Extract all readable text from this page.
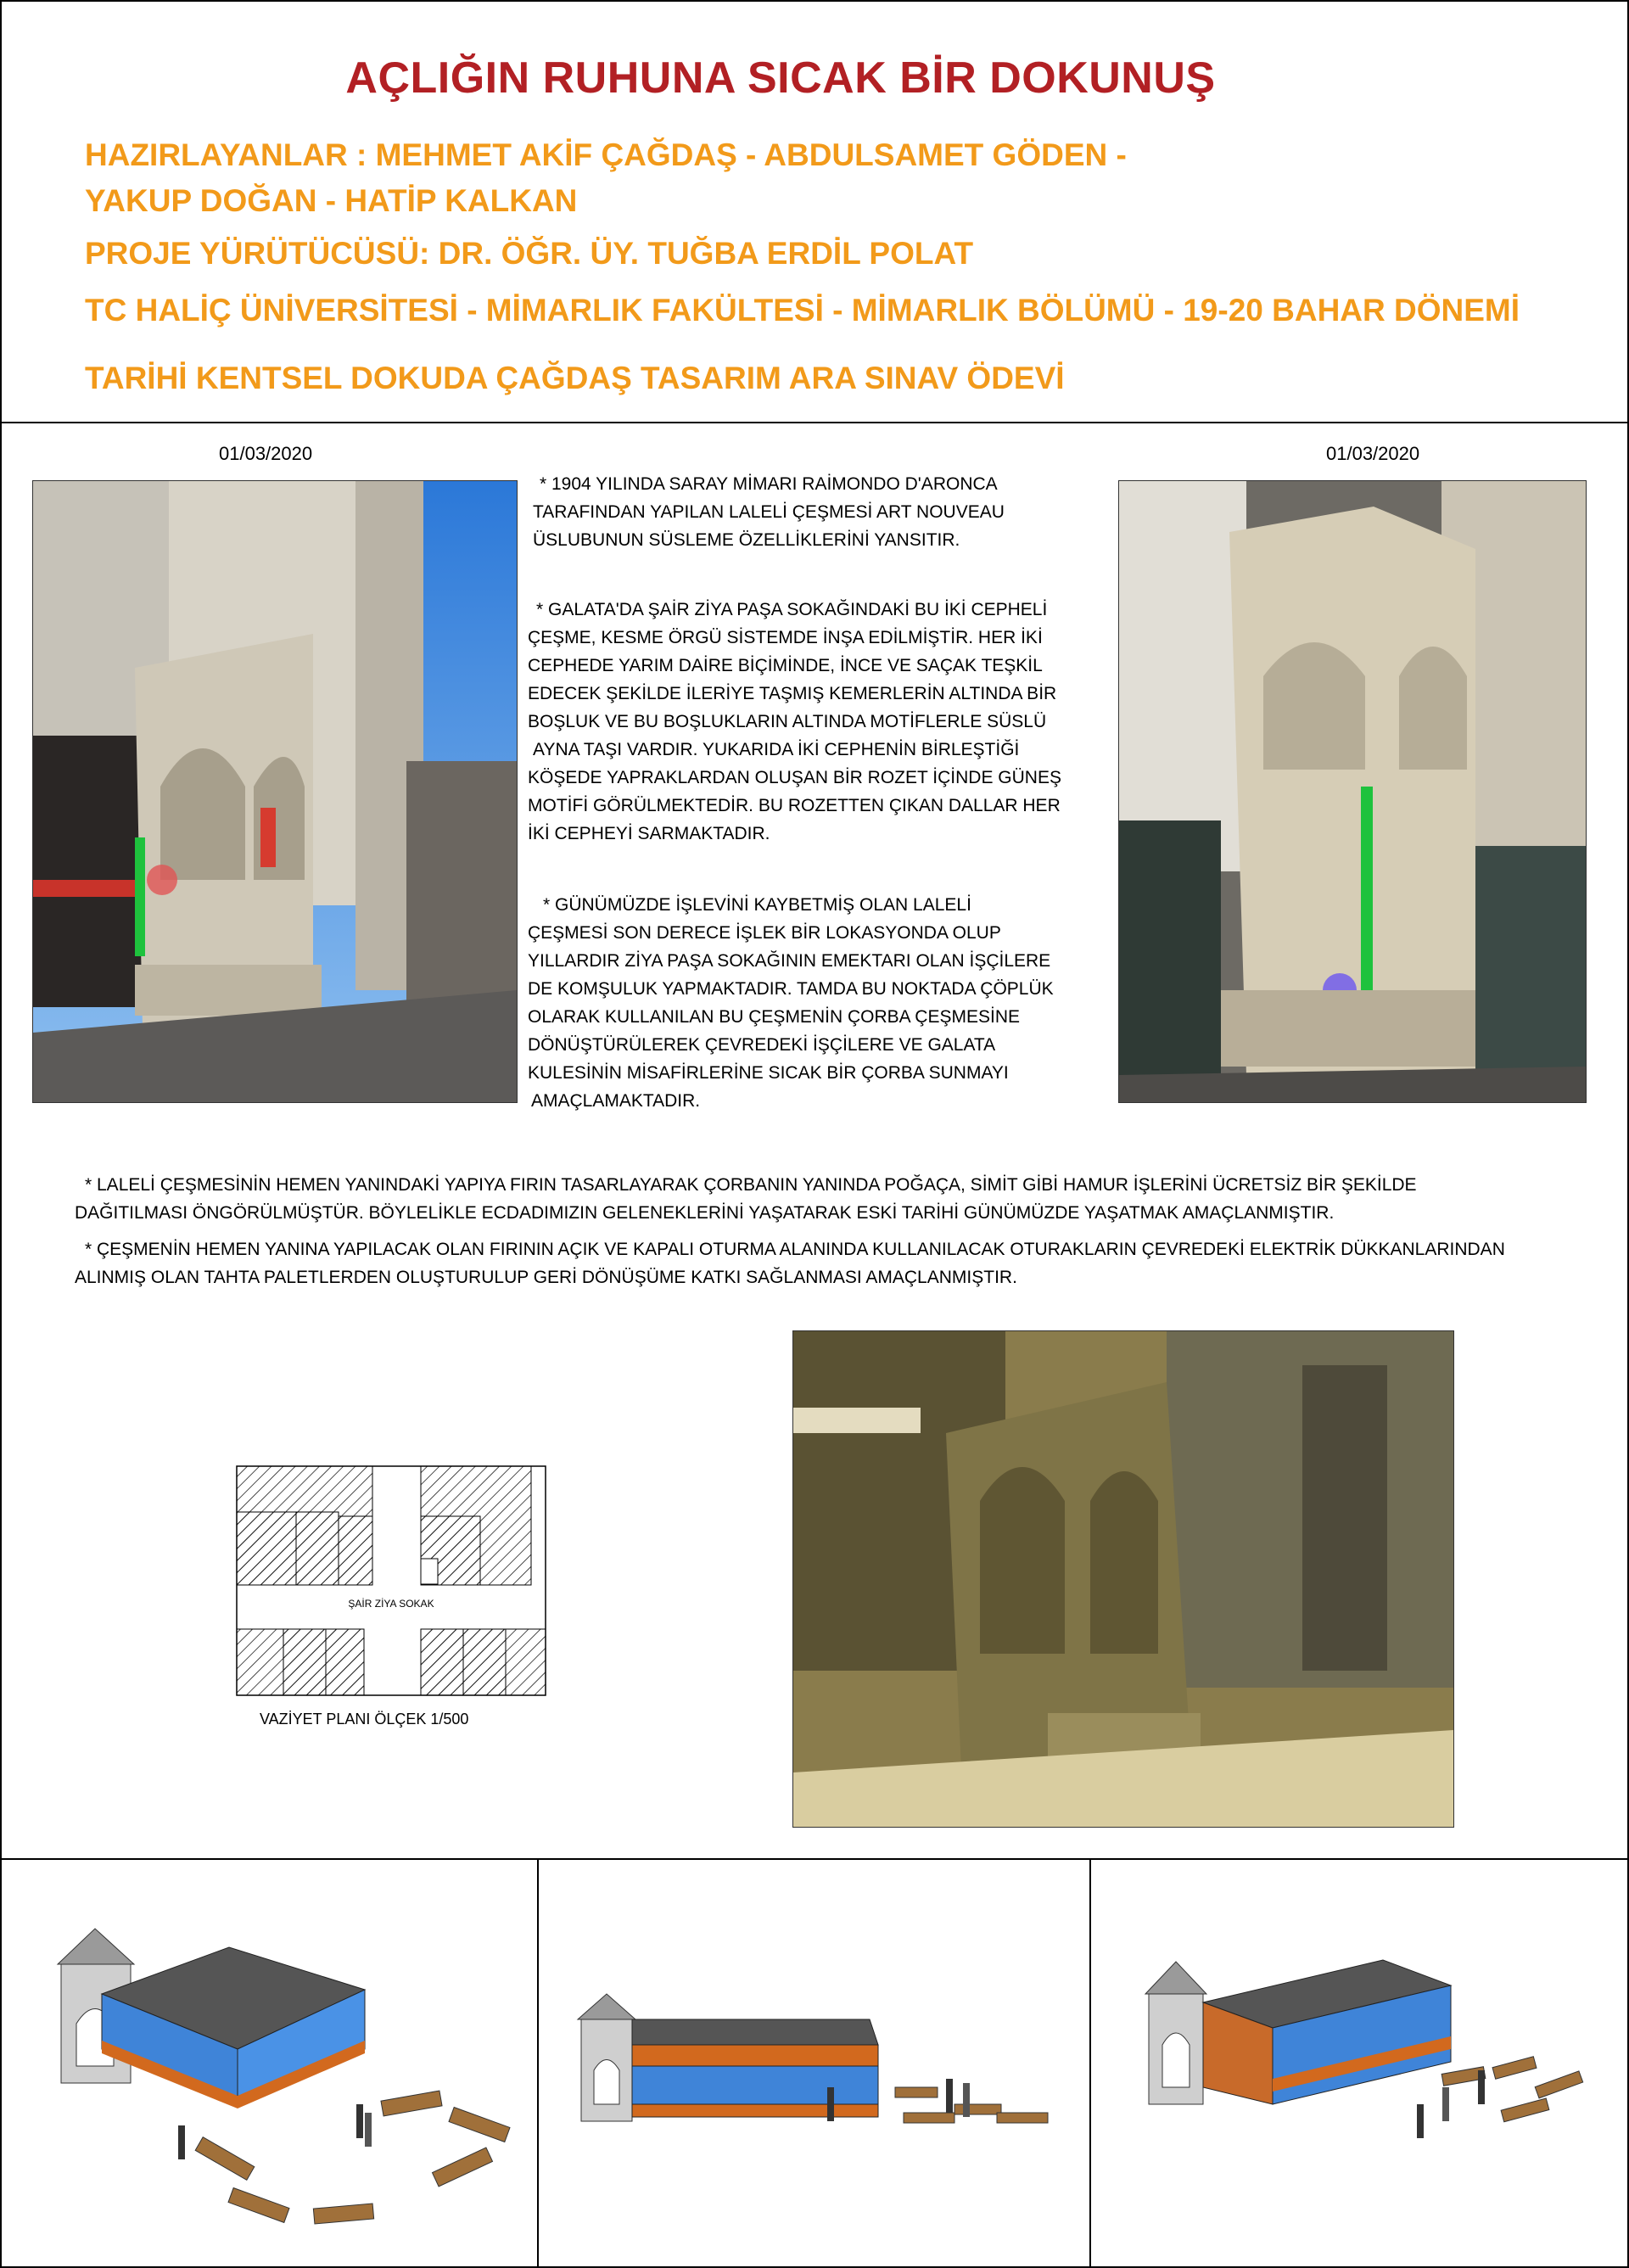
AÇLIĞIN RUHUNA SICAK BİR DOKUNUŞ
HAZIRLAYANLAR : MEHMET AKİF ÇAĞDAŞ - ABDULSAMET GÖDEN -
YAKUP DOĞAN - HATİP KALKAN
PROJE YÜRÜTÜCÜSÜ: DR. ÖĞR. ÜY. TUĞBA ERDİL POLAT
TC HALİÇ ÜNİVERSİTESİ - MİMARLIK FAKÜLTESİ - MİMARLIK BÖLÜMÜ - 19-20 BAHAR DÖNEMİ
TARİHİ KENTSEL DOKUDA ÇAĞDAŞ TASARIM ARA SINAV ÖDEVİ
01/03/2020	01/03/2020
* 1904 YILINDA SARAY MİMARI RAİMONDO D'ARONCA
TARAFINDAN YAPILAN LALELİ ÇEŞMESİ ART NOUVEAU
ÜSLUBUNUN SÜSLEME ÖZELLİKLERİNİ YANSITIR.
* GALATA'DA ŞAİR ZİYA PAŞA SOKAĞINDAKİ BU İKİ CEPHELİ
ÇEŞME, KESME ÖRGÜ SİSTEMDE İNŞA EDİLMİŞTİR. HER İKİ
CEPHEDE YARIM DAİRE BİÇİMİNDE, İNCE VE SAÇAK TEŞKİL
EDECEK ŞEKİLDE İLERİYE TAŞMIŞ KEMERLERİN ALTINDA BİR
BOŞLUK VE BU BOŞLUKLARIN ALTINDA MOTİFLERLE SÜSLÜ
AYNA TAŞI VARDIR. YUKARIDA İKİ CEPHENİN BİRLEŞTİĞİ
KÖŞEDE YAPRAKLARDAN OLUŞAN BİR ROZET İÇİNDE GÜNEŞ
MOTİFİ GÖRÜLMEKTEDİR. BU ROZETTEN ÇIKAN DALLAR HER
İKİ CEPHEYİ SARMAKTADIR.
* GÜNÜMÜZDE İŞLEVİNİ KAYBETMİŞ OLAN LALELİ
ÇEŞMESİ SON DERECE İŞLEK BİR LOKASYONDA OLUP
YILLARDIR ZİYA PAŞA SOKAĞININ EMEKTARI OLAN İŞÇİLERE
DE KOMŞULUK YAPMAKTADIR. TAMDA BU NOKTADA ÇÖPLÜK
OLARAK KULLANILAN BU ÇEŞMENİN ÇORBA ÇEŞMESİNE
DÖNÜŞTÜRÜLEREK ÇEVREDEKİ İŞÇİLERE VE GALATA
KULESİNİN MİSAFİRLERİNE SICAK BİR ÇORBA SUNMAYI
AMAÇLAMAKTADIR.
* LALELİ ÇEŞMESİNİN HEMEN YANINDAKİ YAPIYA FIRIN TASARLAYARAK ÇORBANIN YANINDA POĞAÇA, SİMİT GİBİ HAMUR İŞLERİNİ ÜCRETSİZ BİR ŞEKİLDE
DAĞITILMASI ÖNGÖRÜLMÜŞTÜR. BÖYLELİKLE ECDADIMIZIN GELENEKLERİNİ YAŞATARAK ESKİ TARİHİ GÜNÜMÜZDE YAŞATMAK AMAÇLANMIŞTIR.
* ÇEŞMENİN HEMEN YANINA YAPILACAK OLAN FIRININ AÇIK VE KAPALI OTURMA ALANINDA KULLANILACAK OTURAKLARIN ÇEVREDEKİ ELEKTRİK DÜKKANLARINDAN
ALINMIŞ OLAN TAHTA PALETLERDEN OLUŞTURULUP GERİ DÖNÜŞÜME KATKI SAĞLANMASI AMAÇLANMIŞTIR.
ŞAİR ZİYA SOKAK
VAZİYET PLANI ÖLÇEK 1/500
